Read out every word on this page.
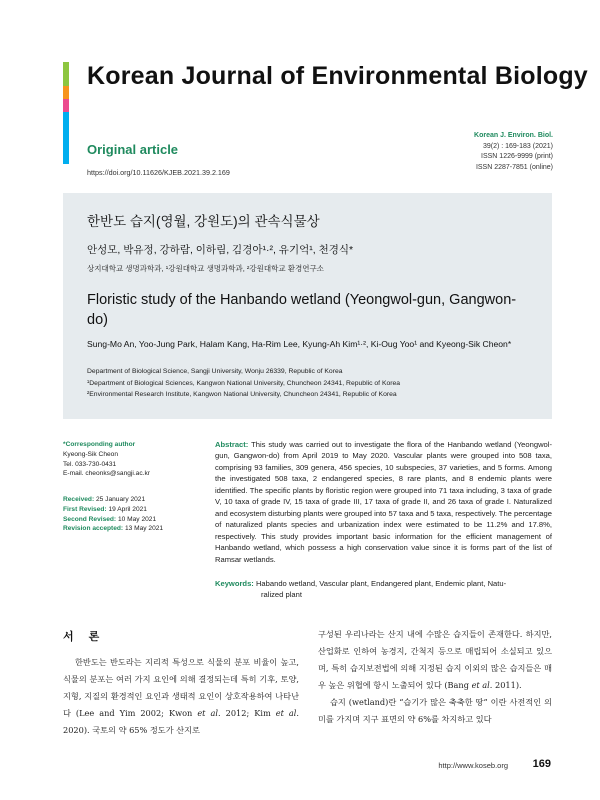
Korean Journal of Environmental Biology
Original article
https://doi.org/10.11626/KJEB.2021.39.2.169
Korean J. Environ. Biol.
39(2) : 169-183 (2021)
ISSN 1226-9999 (print)
ISSN 2287-7851 (online)
한반도 습지(영월, 강원도)의 관속식물상
안성모, 박유정, 강하람, 이하림, 김경아¹·², 유기억¹, 천경식*
상지대학교 생명과학과, ¹강원대학교 생명과학과, ²강원대학교 환경연구소
Floristic study of the Hanbando wetland (Yeongwol-gun, Gangwon-do)
Sung-Mo An, Yoo-Jung Park, Halam Kang, Ha-Rim Lee, Kyung-Ah Kim¹·², Ki-Oug Yoo¹ and Kyeong-Sik Cheon*
Department of Biological Science, Sangji University, Wonju 26339, Republic of Korea
¹Department of Biological Sciences, Kangwon National University, Chuncheon 24341, Republic of Korea
²Environmental Research Institute, Kangwon National University, Chuncheon 24341, Republic of Korea
*Corresponding author
Kyeong-Sik Cheon
Tel. 033-730-0431
E-mail. cheonks@sangji.ac.kr
Received: 25 January 2021
First Revised: 19 April 2021
Second Revised: 10 May 2021
Revision accepted: 13 May 2021
Abstract: This study was carried out to investigate the flora of the Hanbando wetland (Yeongwol-gun, Gangwon-do) from April 2019 to May 2020. Vascular plants were grouped into 508 taxa, comprising 93 families, 309 genera, 456 species, 10 subspecies, 37 varieties, and 5 forms. Among the investigated 508 taxa, 2 endangered species, 8 rare plants, and 8 endemic plants were identified. The specific plants by floristic region were grouped into 71 taxa including, 3 taxa of grade V, 10 taxa of grade IV, 15 taxa of grade III, 17 taxa of grade II, and 26 taxa of grade I. Naturalized and ecosystem disturbing plants were grouped into 57 taxa and 5 taxa, respectively. The percentage of naturalized plants species and urbanization index were estimated to be 11.2% and 17.8%, respectively. This study provides important basic information for the efficient management of Hanbando wetland, which possess a high conservation value since it is forms part of the list of Ramsar wetlands.
Keywords: Habando wetland, Vascular plant, Endangered plant, Endemic plant, Natu-
ralized plant
서 론
한반도는 반도라는 지리적 특성으로 식물의 분포 비율이 높고, 식물의 분포는 여러 가지 요인에 의해 결정되는데 특히 기후, 토양, 지형, 지질의 환경적인 요인과 생태적 요인이 상호작용하여 나타난다 (Lee and Yim 2002; Kwon et al. 2012; Kim et al. 2020). 국토의 약 65% 정도가 산지로
구성된 우리나라는 산지 내에 수많은 습지들이 존재한다. 하지만, 산업화로 인하여 농경지, 간척지 등으로 매립되어 소실되고 있으며, 특히 습지보전법에 의해 지정된 습지 이외의 많은 습지들은 매우 높은 위협에 항시 노출되어 있다 (Bang et al. 2011).
습지 (wetland)란 “습기가 많은 축축한 땅” 이란 사전적인 의미를 가지며 지구 표면의 약 6%를 차지하고 있다
http://www.koseb.org 169
